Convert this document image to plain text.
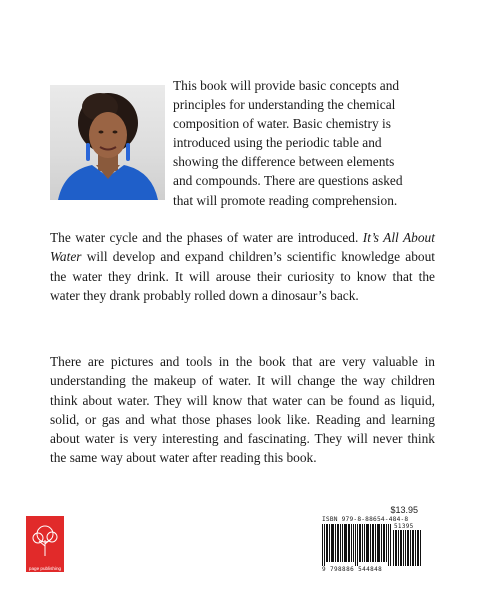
This book will provide basic concepts and

principles for understanding the chemical

composition of water. Basic chemistry is

introduced using the periodic table and

showing the difference between elements

and compounds. There are questions asked

that will promote reading comprehension.

The water cycle and the phases of water are introduced. It’s All About Water will develop and expand children’s scientific knowledge about the water they drink. It will arouse their curiosity to know that the water they drank probably rolled down a dinosaur’s back.

There are pictures and tools in the book that are very valuable in understanding the makeup of water. It will change the way children think about water. They will know that water can be found as liquid, solid, or gas and what those phases look like. Reading and learning about water is very interesting and fascinating. They will never think the same way about water after reading this book.

$13.95
ISBN 979-8-88654-484-8
51395
9 798886 544848
page publishing
